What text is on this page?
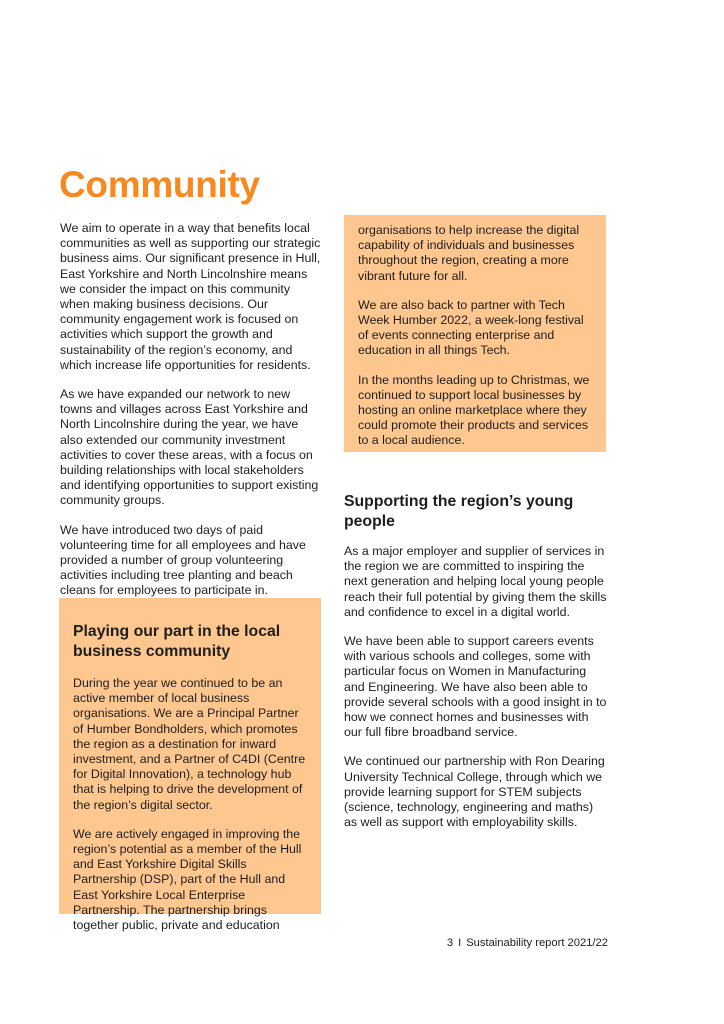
Community

We aim to operate in a way that benefits local communities as well as supporting our strategic business aims. Our significant presence in Hull, East Yorkshire and North Lincolnshire means we consider the impact on this community when making business decisions. Our community engagement work is focused on activities which support the growth and sustainability of the region’s economy, and which increase life opportunities for residents.

As we have expanded our network to new towns and villages across East Yorkshire and North Lincolnshire during the year, we have also extended our community investment activities to cover these areas, with a focus on building relationships with local stakeholders and identifying opportunities to support existing community groups.

We have introduced two days of paid volunteering time for all employees and have provided a number of group volunteering activities including tree planting and beach cleans for employees to participate in.

Playing our part in the local business community

During the year we continued to be an active member of local business organisations. We are a Principal Partner of Humber Bondholders, which promotes the region as a destination for inward investment, and a Partner of C4DI (Centre for Digital Innovation), a technology hub that is helping to drive the development of the region’s digital sector.

We are actively engaged in improving the region’s potential as a member of the Hull and East Yorkshire Digital Skills Partnership (DSP), part of the Hull and East Yorkshire Local Enterprise Partnership. The partnership brings together public, private and education

organisations to help increase the digital capability of individuals and businesses throughout the region, creating a more vibrant future for all.

We are also back to partner with Tech Week Humber 2022, a week-long festival of events connecting enterprise and education in all things Tech.

In the months leading up to Christmas, we continued to support local businesses by hosting an online marketplace where they could promote their products and services to a local audience.

Supporting the region’s young people

As a major employer and supplier of services in the region we are committed to inspiring the next generation and helping local young people reach their full potential by giving them the skills and confidence to excel in a digital world.

We have been able to support careers events with various schools and colleges, some with particular focus on Women in Manufacturing and Engineering. We have also been able to provide several schools with a good insight in to how we connect homes and businesses with our full fibre broadband service.

We continued our partnership with Ron Dearing University Technical College, through which we provide learning support for STEM subjects (science, technology, engineering and maths) as well as support with employability skills.

3 I Sustainability report 2021/22
